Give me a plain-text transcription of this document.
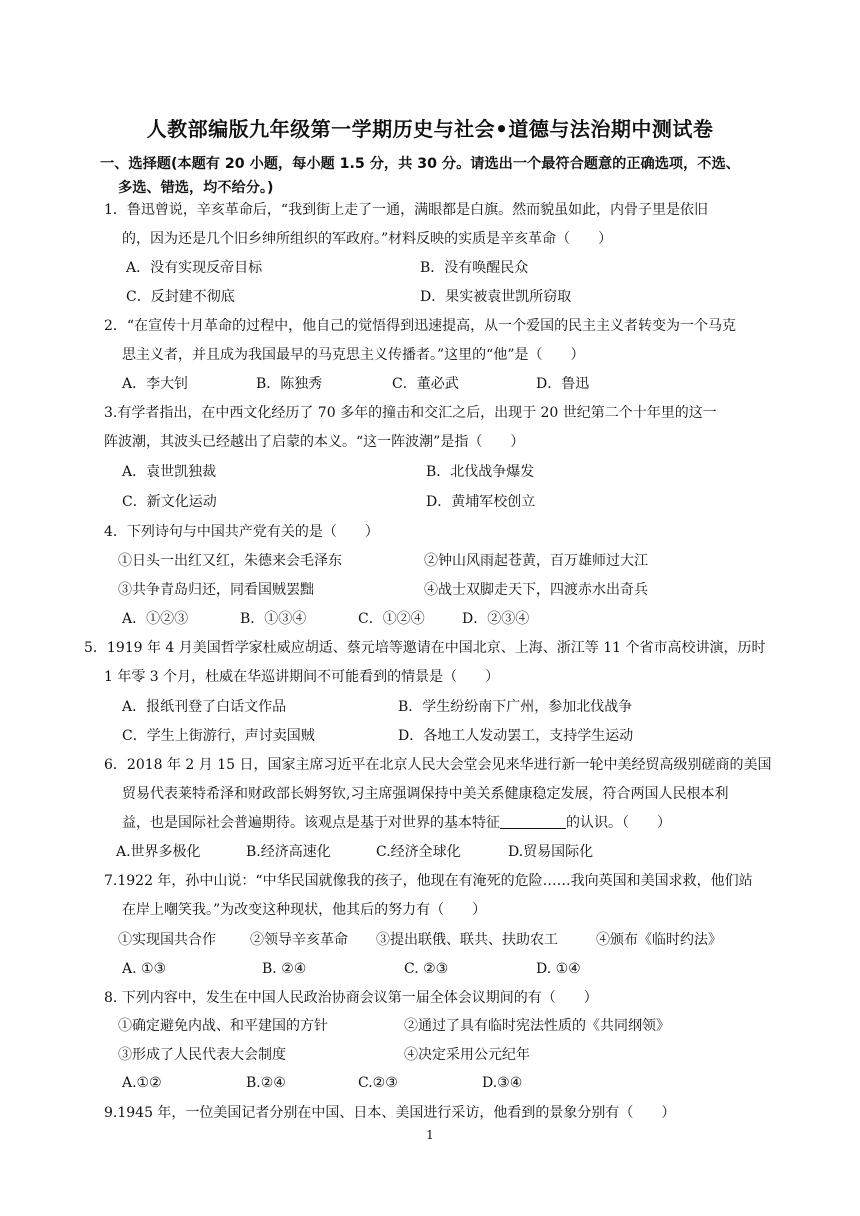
人教部编版九年级第一学期历史与社会•道德与法治期中测试卷
一、选择题(本题有 20 小题，每小题 1.5 分，共 30 分。请选出一个最符合题意的正确选项，不选、
多选、错选，均不给分。)
1．鲁迅曾说，辛亥革命后，“我到街上走了一通，满眼都是白旗。然而貌虽如此，内骨子里是依旧
的，因为还是几个旧乡绅所组织的军政府。”材料反映的实质是辛亥革命（　　）
A．没有实现反帝目标	B．没有唤醒民众
C．反封建不彻底	D．果实被袁世凯所窃取
2．“在宣传十月革命的过程中，他自己的觉悟得到迅速提高，从一个爱国的民主主义者转变为一个马克
思主义者，并且成为我国最早的马克思主义传播者。”这里的“他”是（　　）
A．李大钊	B．陈独秀	C．董必武	D．鲁迅
3.有学者指出，在中西文化经历了 70 多年的撞击和交汇之后，出现于 20 世纪第二个十年里的这一
阵波潮，其波头已经越出了启蒙的本义。“这一阵波潮”是指（　　）
A．袁世凯独裁	B．北伐战争爆发
C．新文化运动	D．黄埔军校创立
4．下列诗句与中国共产党有关的是（　　）
①日头一出红又红，朱德来会毛泽东	②钟山风雨起苍黄，百万雄师过大江
③共争青岛归还，同看国贼罢黜	④战士双脚走天下，四渡赤水出奇兵
A．①②③	B．①③④	C．①②④	D．②③④
5．1919 年 4 月美国哲学家杜威应胡适、蔡元培等邀请在中国北京、上海、浙江等 11 个省市高校讲演，历时
1 年零 3 个月，杜威在华巡讲期间不可能看到的情景是（　　）
A．报纸刊登了白话文作品	B．学生纷纷南下广州，参加北伐战争
C．学生上街游行，声讨卖国贼	D．各地工人发动罢工，支持学生运动
6．2018 年 2 月 15 日，国家主席习近平在北京人民大会堂会见来华进行新一轮中美经贸高级别磋商的美国
贸易代表莱特希泽和财政部长姆努钦,习主席强调保持中美关系健康稳定发展，符合两国人民根本利
益，也是国际社会普遍期待。该观点是基于对世界的基本特征	的认识。（　　）
A.世界多极化	B.经济高速化	C.经济全球化	D.贸易国际化
7.1922 年，孙中山说：“中华民国就像我的孩子，他现在有淹死的危险……我向英国和美国求救，他们站
在岸上嘲笑我。”为改变这种现状，他其后的努力有（　　）
①实现国共合作 ②领导辛亥革命 ③提出联俄、联共、扶助农工	④颁布《临时约法》
A. ①③	B. ②④	C. ②③	D. ①④
8. 下列内容中，发生在中国人民政治协商会议第一届全体会议期间的有（　　）
①确定避免内战、和平建国的方针	②通过了具有临时宪法性质的《共同纲领》
③形成了人民代表大会制度	④决定采用公元纪年
A.①②	B.②④	C.②③	D.③④
9.1945 年，一位美国记者分别在中国、日本、美国进行采访，他看到的景象分别有（　　）
1
